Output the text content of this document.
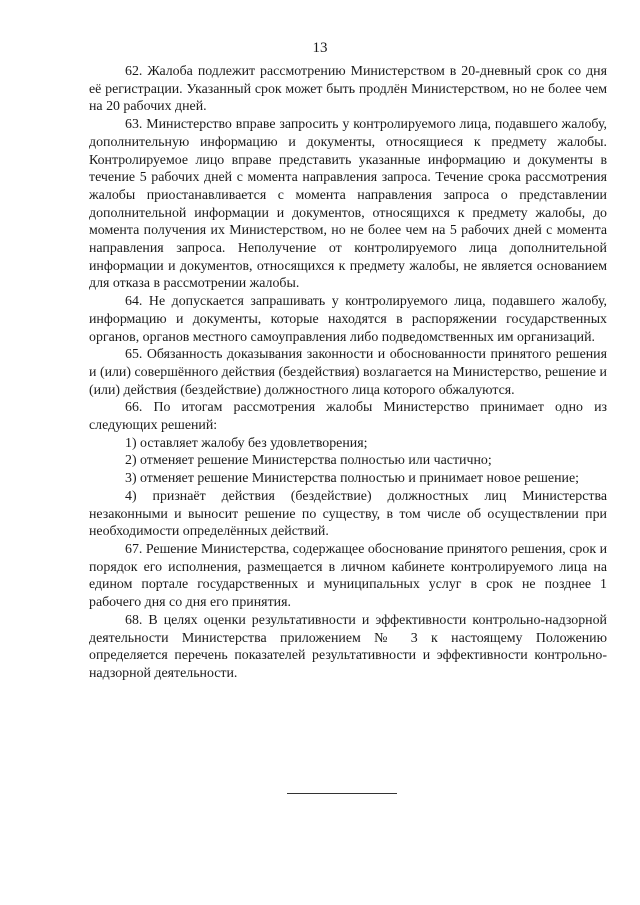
13

62. Жалоба подлежит рассмотрению Министерством в 20-дневный срок со дня её регистрации. Указанный срок может быть продлён Министерством, но не более чем на 20 рабочих дней.

63. Министерство вправе запросить у контролируемого лица, подавшего жалобу, дополнительную информацию и документы, относящиеся к предмету жалобы. Контролируемое лицо вправе представить указанные информацию и документы в течение 5 рабочих дней с момента направления запроса. Течение срока рассмотрения жалобы приостанавливается с момента направления запроса о представлении дополнительной информации и документов, относящихся к предмету жалобы, до момента получения их Министерством, но не более чем на 5 рабочих дней с момента направления запроса. Неполучение от контролируемого лица дополнительной информации и документов, относящихся к предмету жалобы, не является основанием для отказа в рассмотрении жалобы.

64. Не допускается запрашивать у контролируемого лица, подавшего жалобу, информацию и документы, которые находятся в распоряжении государственных органов, органов местного самоуправления либо подведомственных им организаций.

65. Обязанность доказывания законности и обоснованности принятого решения и (или) совершённого действия (бездействия) возлагается на Министерство, решение и (или) действия (бездействие) должностного лица которого обжалуются.

66. По итогам рассмотрения жалобы Министерство принимает одно из следующих решений:

1) оставляет жалобу без удовлетворения;

2) отменяет решение Министерства полностью или частично;

3) отменяет решение Министерства полностью и принимает новое решение;

4) признаёт действия (бездействие) должностных лиц Министерства незаконными и выносит решение по существу, в том числе об осуществлении при необходимости определённых действий.

67. Решение Министерства, содержащее обоснование принятого решения, срок и порядок его исполнения, размещается в личном кабинете контролируемого лица на едином портале государственных и муниципальных услуг в срок не позднее 1 рабочего дня со дня его принятия.

68. В целях оценки результативности и эффективности контрольно-надзорной деятельности Министерства приложением № 3 к настоящему Положению определяется перечень показателей результативности и эффективности контрольно-надзорной деятельности.
